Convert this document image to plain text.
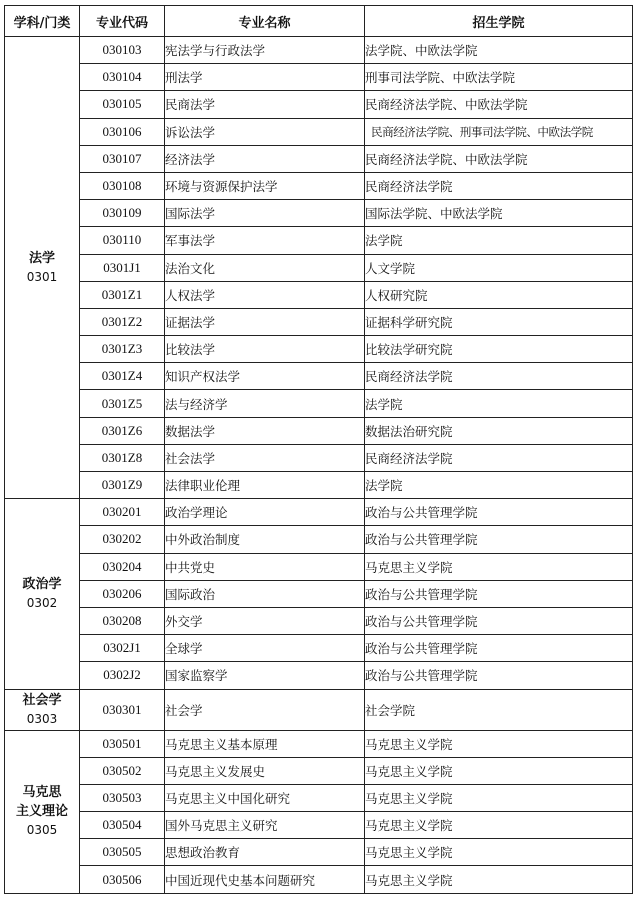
学科/门类	专业代码	专业名称	招生学院

法学
0301	030103	宪法学与行政法学	法学院、中欧法学院
	030104	刑法学	刑事司法学院、中欧法学院
	030105	民商法学	民商经济法学院、中欧法学院
	030106	诉讼法学	民商经济法学院、刑事司法学院、中欧法学院
	030107	经济法学	民商经济法学院、中欧法学院
	030108	环境与资源保护法学	民商经济法学院
	030109	国际法学	国际法学院、中欧法学院
	030110	军事法学	法学院
	0301J1	法治文化	人文学院
	0301Z1	人权法学	人权研究院
	0301Z2	证据法学	证据科学研究院
	0301Z3	比较法学	比较法学研究院
	0301Z4	知识产权法学	民商经济法学院
	0301Z5	法与经济学	法学院
	0301Z6	数据法学	数据法治研究院
	0301Z8	社会法学	民商经济法学院
	0301Z9	法律职业伦理	法学院

政治学
0302	030201	政治学理论	政治与公共管理学院
	030202	中外政治制度	政治与公共管理学院
	030204	中共党史	马克思主义学院
	030206	国际政治	政治与公共管理学院
	030208	外交学	政治与公共管理学院
	0302J1	全球学	政治与公共管理学院
	0302J2	国家监察学	政治与公共管理学院

社会学
0303	030301	社会学	社会学院

马克思
主义理论
0305	030501	马克思主义基本原理	马克思主义学院
	030502	马克思主义发展史	马克思主义学院
	030503	马克思主义中国化研究	马克思主义学院
	030504	国外马克思主义研究	马克思主义学院
	030505	思想政治教育	马克思主义学院
	030506	中国近现代史基本问题研究	马克思主义学院
